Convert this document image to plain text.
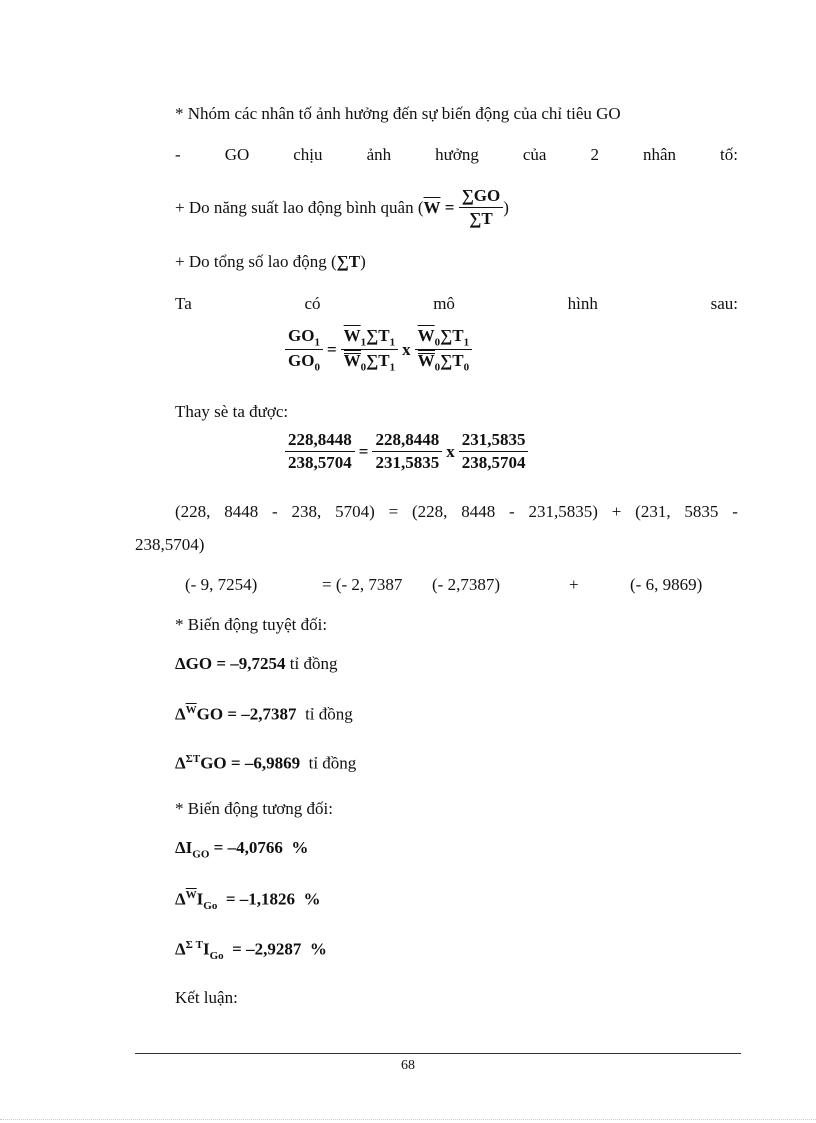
* Nhóm các nhân tố ảnh hưởng đến sự biến động của chỉ tiêu GO
-	GO	chịu	ảnh	hưởng	của	2	nhân	tố:
+ Do năng suất lao động bình quân ( $\overline{W} = \frac{\sum GO}{\sum T}$ )
+ Do tổng số lao động (∑T)
Ta	có	mô	hình	sau:
$\frac{GO_1}{GO_0} = \frac{\overline{W}_1\sum T_1}{W_0\sum T_1}$ x $\frac{\overline{W}_0\sum T_1}{W_0\sum T_0}$
Thay sè ta được:
$\frac{228,8448}{238,5704} = \frac{228,8448}{231,5835}$ x $\frac{231,5835}{238,5704}$
(228, 8448 - 238, 5704) = (228, 8448 - 231,5835) + (231, 5835 -
238,5704)
(- 9, 7254)	= (- 2, 7387 (- 2,7387)	+	(- 6, 9869)
* Biến động tuyệt đối:
ΔGO = –9,7254 tỉ đồng
$\Delta^{\overline{W}}GO = -2,7387$  tỉ đồng
$\Delta^{\Sigma T}GO = -6,9869$  tỉ đồng
* Biến động tương đối:
$\Delta I_{GO} = -4,0766$  %
$\Delta^{\overline{W}}I_{Go} = -1,1826$  %
$\Delta^{\Sigma T}I_{Go} = -2,9287$  %
Kết luận:
68
